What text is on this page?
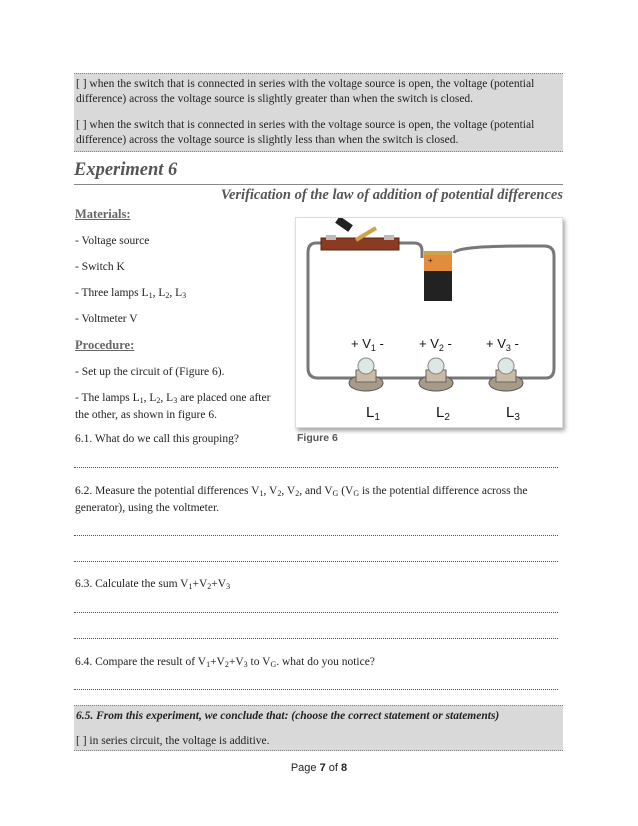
[ ] when the switch that is connected in series with the voltage source is open, the voltage (potential difference) across the voltage source is slightly greater than when the switch is closed.
[ ] when the switch that is connected in series with the voltage source is open, the voltage (potential difference) across the voltage source is slightly less than when the switch is closed.
Experiment 6
Verification of the law of addition of potential differences
Materials:
- Voltage source
- Switch K
- Three lamps $L_1$, $L_2$, $L_3$
- Voltmeter V
Procedure:
- Set up the circuit of (Figure 6).
- The lamps $L_1$, $L_2$, $L_3$ are placed one after the other, as shown in figure 6.
+
+ $V_1$ -	+ $V_2$ -	+ $V_3$ -
$L_1$	$L_2$	$L_3$
Figure 6
6.1. What do we call this grouping?
6.2. Measure the potential differences $V_1$, $V_2$, $V_2$, and $V_G$ ($V_G$ is the potential difference across the generator), using the voltmeter.
6.3. Calculate the sum $V_1+V_2+V_3$
6.4. Compare the result of $V_1+V_2+V_3$ to $V_G$. what do you notice?
6.5. From this experiment, we conclude that: (choose the correct statement or statements)
[ ] in series circuit, the voltage is additive.
Page 7 of 8
